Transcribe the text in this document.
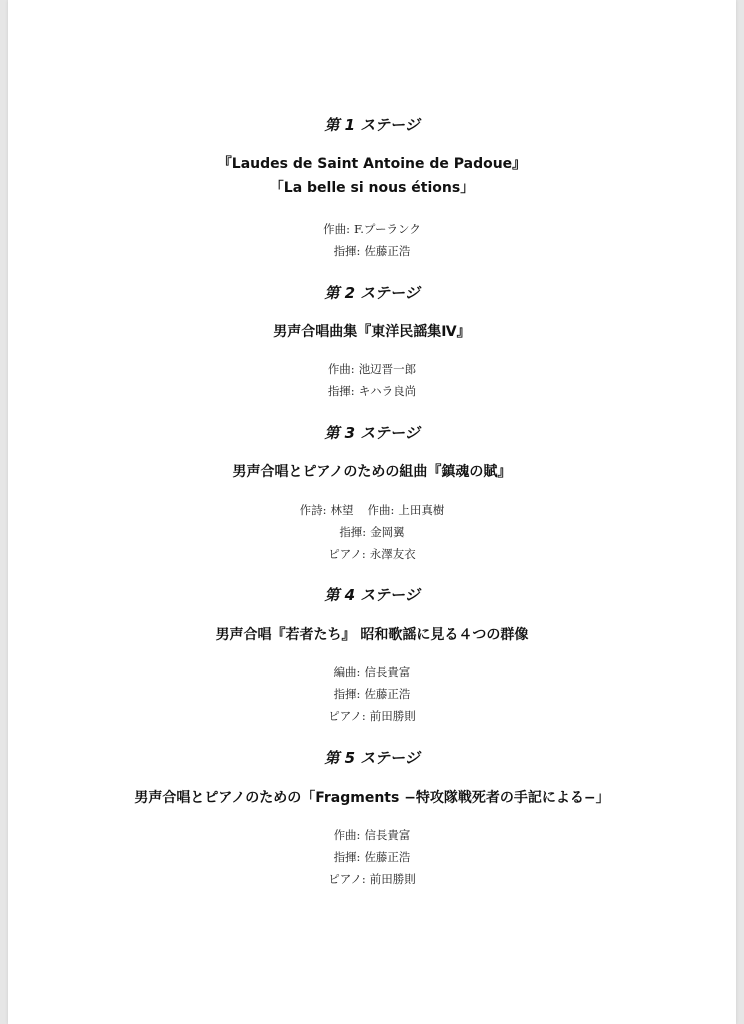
第 1 ステージ
『Laudes de Saint Antoine de Padoue』
「La belle si nous étions」
作曲: F.プーランク
指揮: 佐藤正浩
第 2 ステージ
男声合唱曲集『東洋民謡集Ⅳ』
作曲: 池辺晋一郎
指揮: キハラ良尚
第 3 ステージ
男声合唱とピアノのための組曲『鎮魂の賦』
作詩: 林望 作曲: 上田真樹
指揮: 金岡翼
ピアノ: 永澤友衣
第 4 ステージ
男声合唱『若者たち』 昭和歌謡に見る４つの群像
編曲: 信長貴富
指揮: 佐藤正浩
ピアノ: 前田勝則
第 5 ステージ
男声合唱とピアノのための「Fragments −特攻隊戦死者の手記による−」
作曲: 信長貴富
指揮: 佐藤正浩
ピアノ: 前田勝則
